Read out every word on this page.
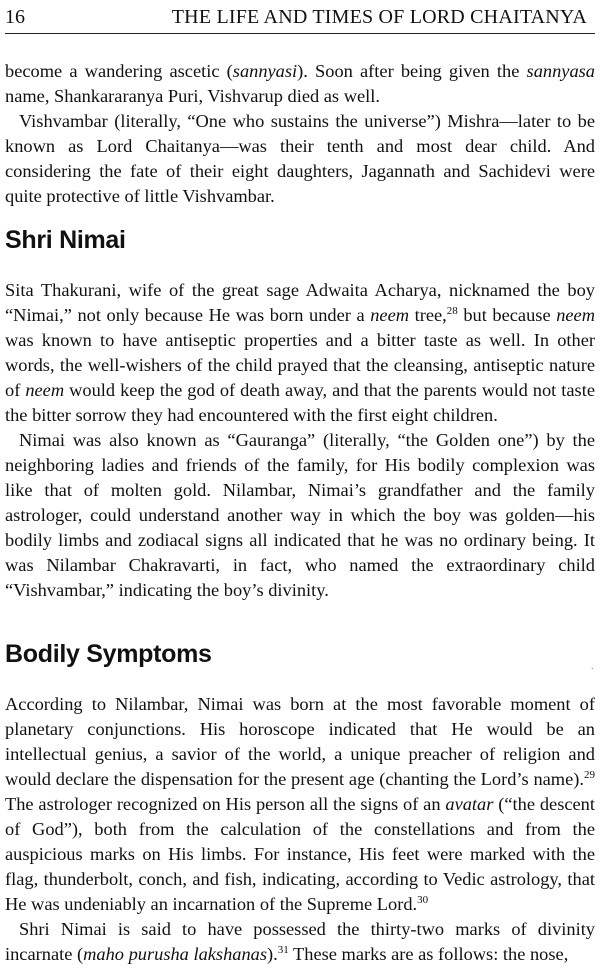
16	THE LIFE AND TIMES OF LORD CHAITANYA

become a wandering ascetic (sannyasi). Soon after being given the sannyasa name, Shankararanya Puri, Vishvarup died as well.

Vishvambar (literally, “One who sustains the universe”) Mishra—later to be known as Lord Chaitanya—was their tenth and most dear child. And considering the fate of their eight daughters, Jagannath and Sachidevi were quite protective of little Vishvambar.

Shri Nimai

Sita Thakurani, wife of the great sage Adwaita Acharya, nicknamed the boy “Nimai,” not only because He was born under a neem tree,$^{28}$ but because neem was known to have antiseptic properties and a bitter taste as well. In other words, the well-wishers of the child prayed that the cleansing, antiseptic nature of neem would keep the god of death away, and that the parents would not taste the bitter sorrow they had encountered with the first eight children.

Nimai was also known as “Gauranga” (literally, “the Golden one”) by the neighboring ladies and friends of the family, for His bodily complexion was like that of molten gold. Nilambar, Nimai’s grandfather and the family astrologer, could understand another way in which the boy was golden—his bodily limbs and zodiacal signs all indicated that he was no ordinary being. It was Nilambar Chakravarti, in fact, who named the extraordinary child “Vishvambar,” indicating the boy’s divinity.

Bodily Symptoms
·

According to Nilambar, Nimai was born at the most favorable moment of planetary conjunctions. His horoscope indicated that He would be an intellectual genius, a savior of the world, a unique preacher of religion and would declare the dispensation for the present age (chanting the Lord’s name).$^{29}$ The astrologer recognized on His person all the signs of an avatar (“the descent of God”), both from the calculation of the constellations and from the auspicious marks on His limbs. For instance, His feet were marked with the flag, thunderbolt, conch, and fish, indicating, according to Vedic astrology, that He was undeniably an incarnation of the Supreme Lord.$^{30}$

Shri Nimai is said to have possessed the thirty-two marks of divinity incarnate (maho purusha lakshanas).$^{31}$ These marks are as follows: the nose,
